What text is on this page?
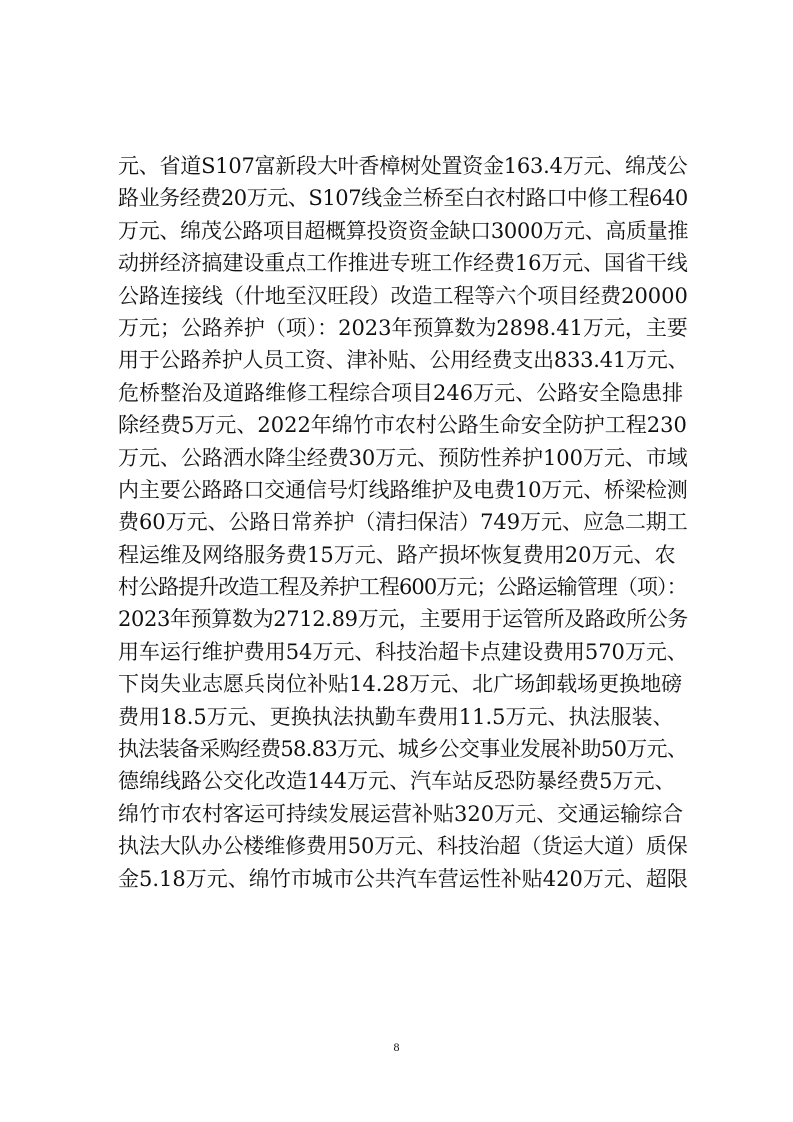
元、省道S107富新段大叶香樟树处置资金163.4万元、绵茂公
路业务经费20万元、S107线金兰桥至白衣村路口中修工程640
万元、绵茂公路项目超概算投资资金缺口3000万元、高质量推
动拼经济搞建设重点工作推进专班工作经费16万元、国省干线
公路连接线（什地至汉旺段）改造工程等六个项目经费20000
万元；公路养护（项）：2023年预算数为2898.41万元，主要
用于公路养护人员工资、津补贴、公用经费支出833.41万元、
危桥整治及道路维修工程综合项目246万元、公路安全隐患排
除经费5万元、2022年绵竹市农村公路生命安全防护工程230
万元、公路洒水降尘经费30万元、预防性养护100万元、市域
内主要公路路口交通信号灯线路维护及电费10万元、桥梁检测
费60万元、公路日常养护（清扫保洁）749万元、应急二期工
程运维及网络服务费15万元、路产损坏恢复费用20万元、农
村公路提升改造工程及养护工程600万元；公路运输管理（项）：
2023年预算数为2712.89万元，主要用于运管所及路政所公务
用车运行维护费用54万元、科技治超卡点建设费用570万元、
下岗失业志愿兵岗位补贴14.28万元、北广场卸载场更换地磅
费用18.5万元、更换执法执勤车费用11.5万元、执法服装、
执法装备采购经费58.83万元、城乡公交事业发展补助50万元、
德绵线路公交化改造144万元、汽车站反恐防暴经费5万元、
绵竹市农村客运可持续发展运营补贴320万元、交通运输综合
执法大队办公楼维修费用50万元、科技治超（货运大道）质保
金5.18万元、绵竹市城市公共汽车营运性补贴420万元、超限
8
